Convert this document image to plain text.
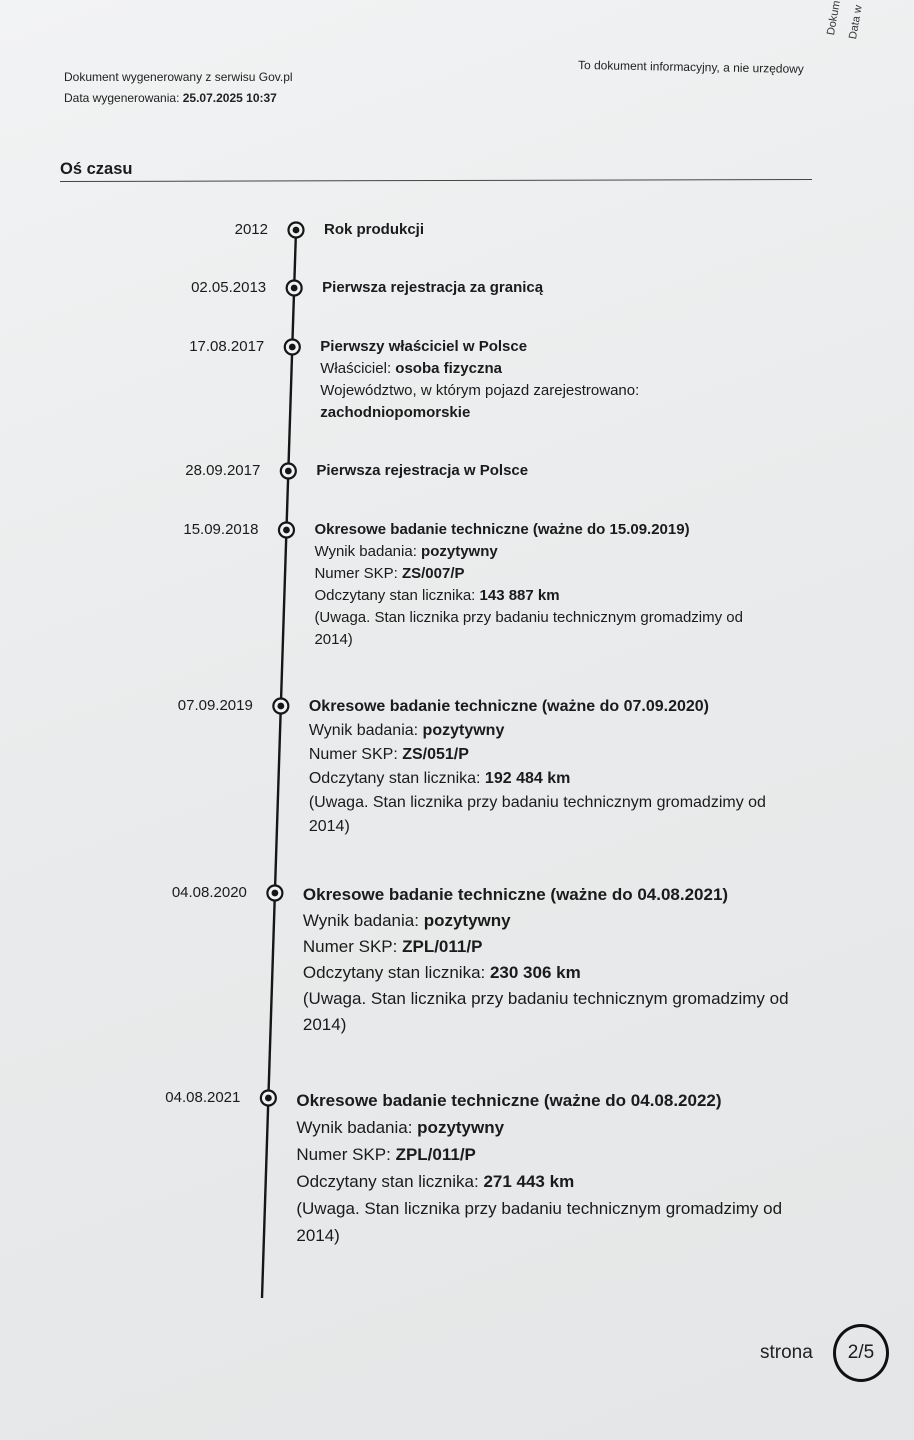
Dokum Data w
Dokument wygenerowany z serwisu Gov.pl
Data wygenerowania: 25.07.2025 10:37
To dokument informacyjny, a nie urzędowy
Oś czasu
2012	Rok produkcji
02.05.2013	Pierwsza rejestracja za granicą
17.08.2017	Pierwszy właściciel w Polsce
Właściciel: osoba fizyczna
Województwo, w którym pojazd zarejestrowano:
zachodniopomorskie
28.09.2017	Pierwsza rejestracja w Polsce
15.09.2018	Okresowe badanie techniczne (ważne do 15.09.2019)
Wynik badania: pozytywny
Numer SKP: ZS/007/P
Odczytany stan licznika: 143 887 km
(Uwaga. Stan licznika przy badaniu technicznym gromadzimy od
2014)
07.09.2019	Okresowe badanie techniczne (ważne do 07.09.2020)
Wynik badania: pozytywny
Numer SKP: ZS/051/P
Odczytany stan licznika: 192 484 km
(Uwaga. Stan licznika przy badaniu technicznym gromadzimy od
2014)
04.08.2020	Okresowe badanie techniczne (ważne do 04.08.2021)
Wynik badania: pozytywny
Numer SKP: ZPL/011/P
Odczytany stan licznika: 230 306 km
(Uwaga. Stan licznika przy badaniu technicznym gromadzimy od
2014)
04.08.2021	Okresowe badanie techniczne (ważne do 04.08.2022)
Wynik badania: pozytywny
Numer SKP: ZPL/011/P
Odczytany stan licznika: 271 443 km
(Uwaga. Stan licznika przy badaniu technicznym gromadzimy od
2014)
strona	2/5
